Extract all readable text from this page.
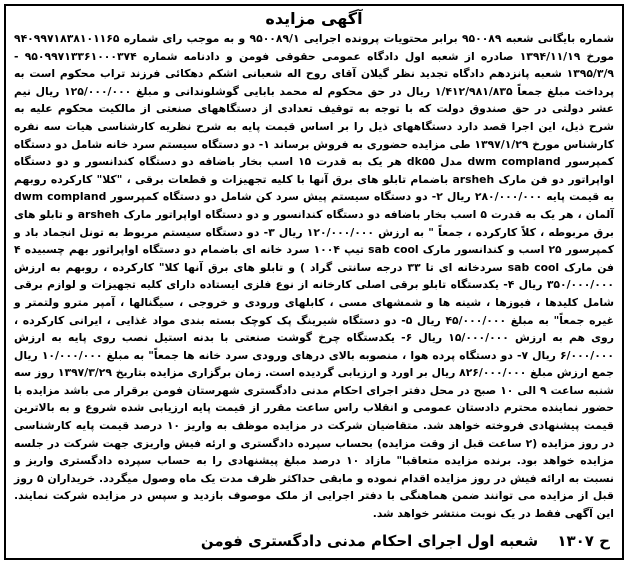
آگهی مزایده

شماره بایگانی شعبه ۹۵۰۰۸۹ برابر محتویات پرونده اجرایی ۹۵۰۰۸۹/۱ و به موجب رای شماره ۹۴۰۹۹۷۱۸۳۸۱۰۱۱۶۵ مورخ ۱۳۹۴/۱۱/۱۹ صادره از شعبه اول دادگاه عمومی حقوقی فومن و دادنامه شماره ۹۵۰۹۹۷۱۳۳۶۱۰۰۰۳۷۴ - ۱۳۹۵/۳/۹ شعبه پانزدهم دادگاه تجدید نظر گیلان آقای روح اله شعبانی اشکم دهکائی فرزند تراب محکوم است به پرداخت مبلغ جمعاً ۱/۴۱۲/۹۸۱/۸۳۵ ریال در حق محکوم له محمد بابایی گوشلوندانی و مبلغ ۱۲۵/۰۰۰/۰۰۰ ریال نیم عشر دولتی در حق صندوق دولت که با توجه به توقیف تعدادی از دستگاههای صنعتی از مالکیت محکوم علیه به شرح ذیل، این اجرا قصد دارد دستگاههای ذیل را بر اساس قیمت پایه به شرح نظریه کارشناسی هیات سه نفره کارشناس مورخ ۱۳۹۷/۱/۲۹ طی مزایده حضوری به فروش برساند ۱- دو دستگاه سیستم سرد خانه شامل دو دستگاه کمپرسور dwm compland مدل dk۵۵ هر یک به قدرت ۱۵ اسب بخار باضافه دو دستگاه کندانسور و دو دستگاه اواپراتور دو فن مارک arsheh باضمام تابلو های برق آنها با کلیه تجهیزات و قطعات برقی ، "کلا" کارکرده روبهم به قیمت پایه ۲۸۰/۰۰۰/۰۰۰ ریال ۲- دو دستگاه سیستم پیش سرد کن شامل دو دستگاه کمپرسور dwm compland آلمان ، هر یک به قدرت ۵ اسب بخار باضافه دو دستگاه کندانسور و دو دستگاه اواپراتور مارک arsheh و تابلو های برق مربوطه ، کلاً کارکرده ، جمعاً " به ارزش ۱۲۰/۰۰۰/۰۰۰ ریال ۳- دو دستگاه سیستم مربوط به تونل انجماد باد و کمپرسور ۲۵ اسب و کندانسور مارک sab cool تیپ ۱۰۰۴ سرد خانه ای باضمام دو دستگاه اواپراتور بهم چسبیده ۴ فن مارک sab cool سردخانه ای تا ۳۳ درجه سانتی گراد ) و تابلو های برق آنها کلا" کارکرده ، روبهم به ارزش ۳۵۰/۰۰۰/۰۰۰ ریال ۴- یکدستگاه تابلو برقی اصلی کارخانه از نوع فلزی ایستاده دارای کلیه تجهیزات و لوازم برقی شامل کلیدها ، فیوزها ، شینه ها و شمشهای مسی ، کابلهای ورودی و خروجی ، سیگنالها ، آمپر مترو ولتمتر و غیره جمعاً" به مبلغ ۴۵/۰۰۰/۰۰۰ ریال ۵- دو دستگاه شیرینگ پک کوچک بسته بندی مواد غذایی ، ایرانی کارکرده ، روی هم به ارزش ۱۵/۰۰۰/۰۰۰ ریال ۶- یکدستگاه چرخ گوشت صنعتی با بدنه استیل نصب روی پایه به ارزش ۶/۰۰۰/۰۰۰ ریال ۷- دو دستگاه پرده هوا ، منصوبه بالای درهای ورودی سرد خانه ها جمعاً" به مبلغ ۱۰/۰۰۰/۰۰۰ ریال جمع ارزش مبلغ ۸۲۶/۰۰۰/۰۰۰ ریال بر اورد و ارزیابی گردیده است. زمان برگزاری مزایده بتاریخ ۱۳۹۷/۳/۲۹ روز سه شنبه ساعت ۹ الی ۱۰ صبح در محل دفتر اجرای احکام مدنی دادگستری شهرستان فومن برقرار می باشد مزایده با حضور نماینده محترم دادستان عمومی و انقلاب راس ساعت مقرر از قیمت پایه ارزیابی شده شروع و به بالاترین قیمت پیشنهادی فروخته خواهد شد. متقاضیان شرکت در مزایده موظف به واریز ۱۰ درصد قیمت پایه کارشناسی در روز مزایده (۲ ساعت قبل از وقت مزایده) بحساب سپرده دادگستری و ارئه فیش واریزی جهت شرکت در جلسه مزایده خواهد بود. برنده مزایده متعاقبا" مازاد ۱۰ درصد مبلغ پیشنهادی را به حساب سپرده دادگستری واریز و نسبت به ارائه فیش در روز مزایده اقدام نموده و مابقی حداکثر ظرف مدت یک ماه وصول میگردد. خریداران ۵ روز قبل از مزایده می توانند ضمن هماهنگی با دفتر اجرایی از ملک موصوف بازدید و سپس در مزایده شرکت نمایند. این آگهی فقط در یک نوبت منتشر خواهد شد.

ح ۱۳۰۷ شعبه اول اجرای احکام مدنی دادگستری فومن
